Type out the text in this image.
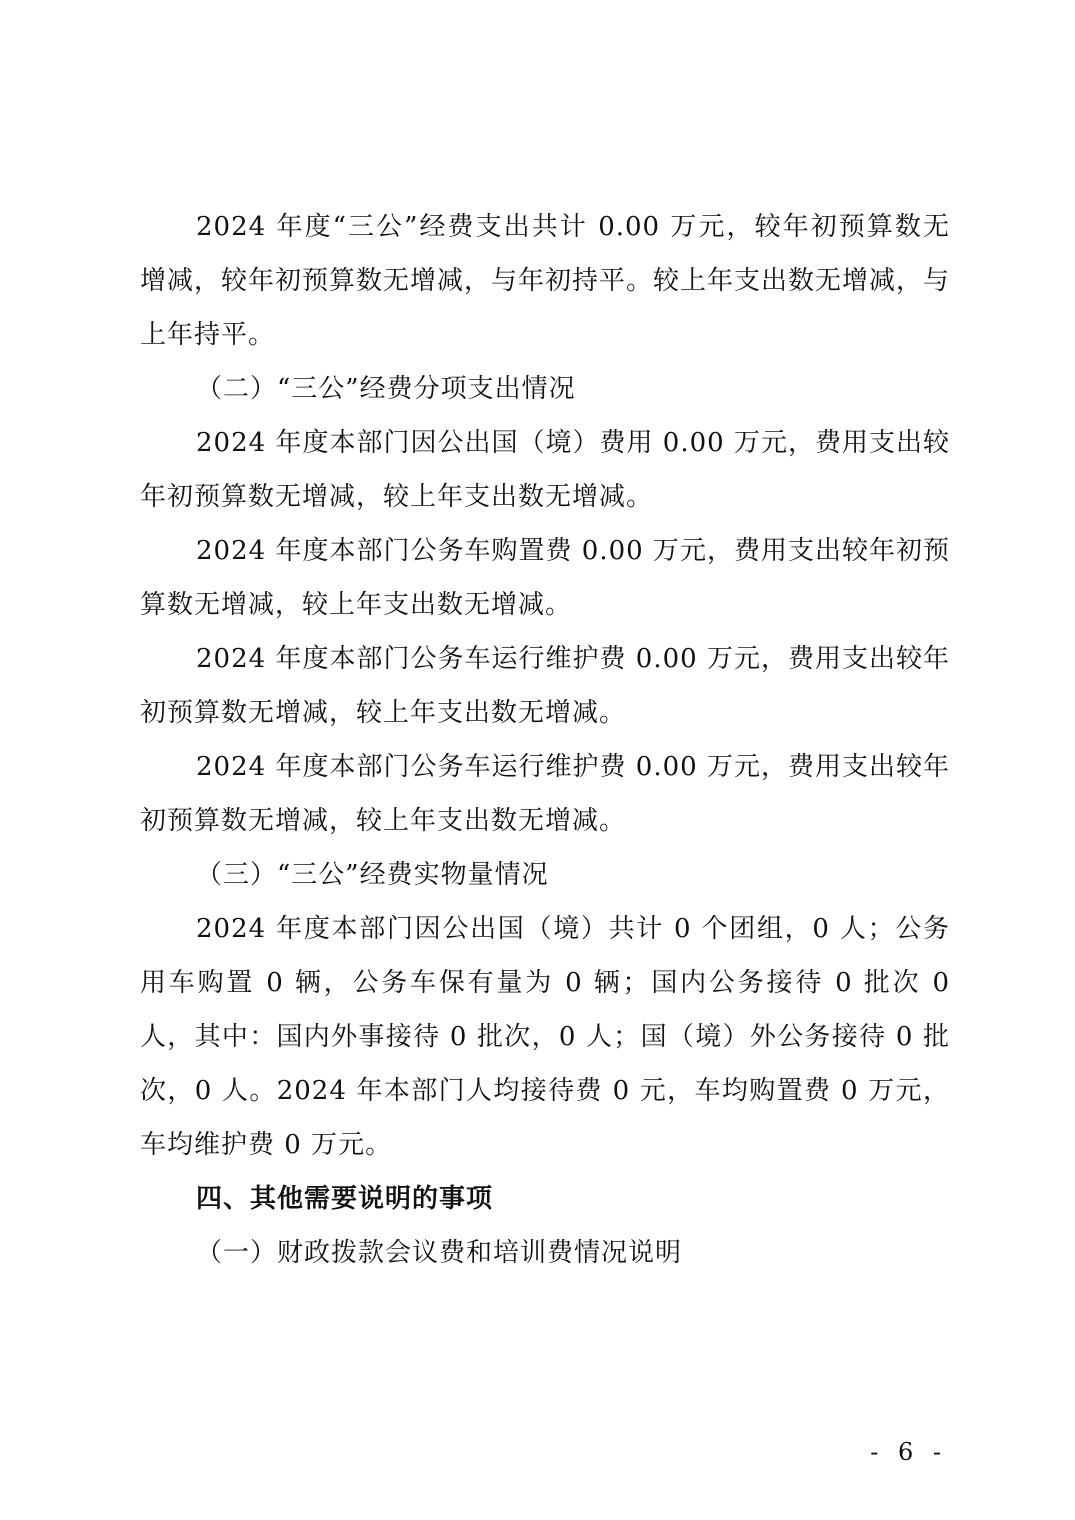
2024 年度“三公”经费支出共计 0.00 万元，较年初预算数无增减，较年初预算数无增减，与年初持平。较上年支出数无增减，与上年持平。

（二）“三公”经费分项支出情况

2024 年度本部门因公出国（境）费用 0.00 万元，费用支出较年初预算数无增减，较上年支出数无增减。

2024 年度本部门公务车购置费 0.00 万元，费用支出较年初预算数无增减，较上年支出数无增减。

2024 年度本部门公务车运行维护费 0.00 万元，费用支出较年初预算数无增减，较上年支出数无增减。

2024 年度本部门公务车运行维护费 0.00 万元，费用支出较年初预算数无增减，较上年支出数无增减。

（三）“三公”经费实物量情况

2024 年度本部门因公出国（境）共计 0 个团组，0 人；公务用车购置 0 辆，公务车保有量为 0 辆；国内公务接待 0 批次 0 人，其中：国内外事接待 0 批次，0 人；国（境）外公务接待 0 批次，0 人。2024 年本部门人均接待费 0 元，车均购置费 0 万元，车均维护费 0 万元。

四、其他需要说明的事项

（一）财政拨款会议费和培训费情况说明

- 6 -
